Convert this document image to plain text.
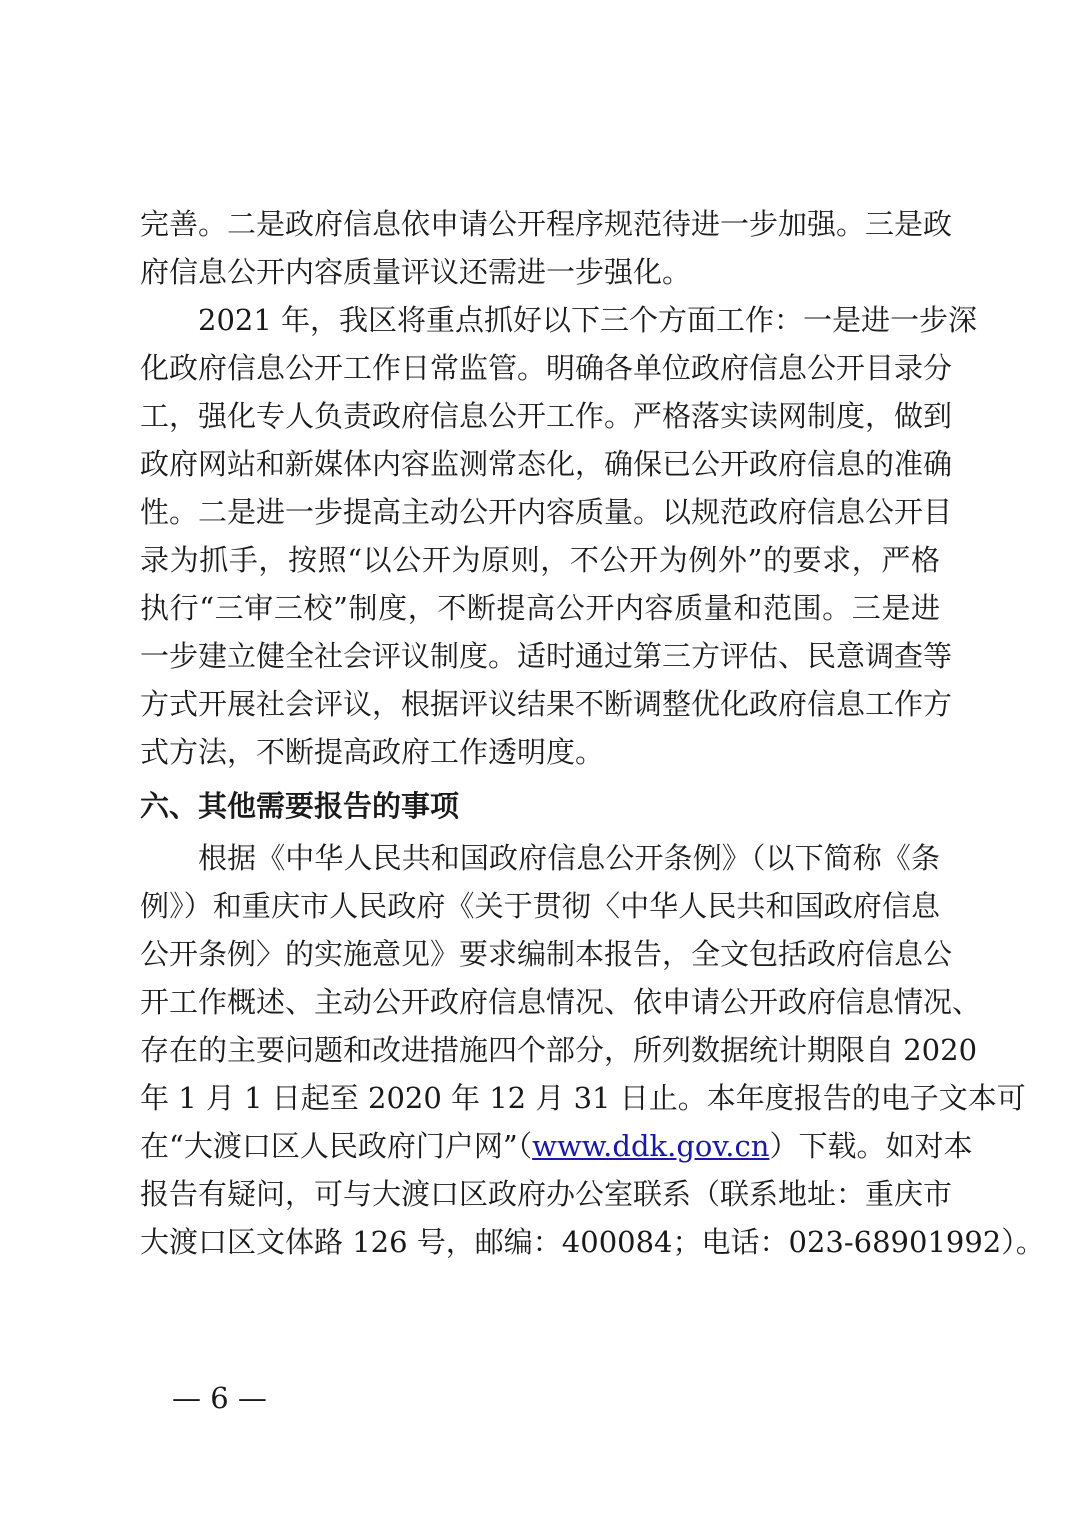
完善。二是政府信息依申请公开程序规范待进一步加强。三是政
府信息公开内容质量评议还需进一步强化。
2021 年，我区将重点抓好以下三个方面工作：一是进一步深
化政府信息公开工作日常监管。明确各单位政府信息公开目录分
工，强化专人负责政府信息公开工作。严格落实读网制度，做到
政府网站和新媒体内容监测常态化，确保已公开政府信息的准确
性。二是进一步提高主动公开内容质量。以规范政府信息公开目
录为抓手，按照“以公开为原则，不公开为例外”的要求，严格
执行“三审三校”制度，不断提高公开内容质量和范围。三是进
一步建立健全社会评议制度。适时通过第三方评估、民意调查等
方式开展社会评议，根据评议结果不断调整优化政府信息工作方
式方法，不断提高政府工作透明度。
六、其他需要报告的事项
根据《中华人民共和国政府信息公开条例》（以下简称《条
例》）和重庆市人民政府《关于贯彻〈中华人民共和国政府信息
公开条例〉的实施意见》要求编制本报告，全文包括政府信息公
开工作概述、主动公开政府信息情况、依申请公开政府信息情况、
存在的主要问题和改进措施四个部分，所列数据统计期限自 2020
年 1 月 1 日起至 2020 年 12 月 31 日止。本年度报告的电子文本可
在“大渡口区人民政府门户网”（www.ddk.gov.cn）下载。如对本
报告有疑问，可与大渡口区政府办公室联系（联系地址：重庆市
大渡口区文体路 126 号，邮编：400084；电话：023-68901992）。
— 6 —
